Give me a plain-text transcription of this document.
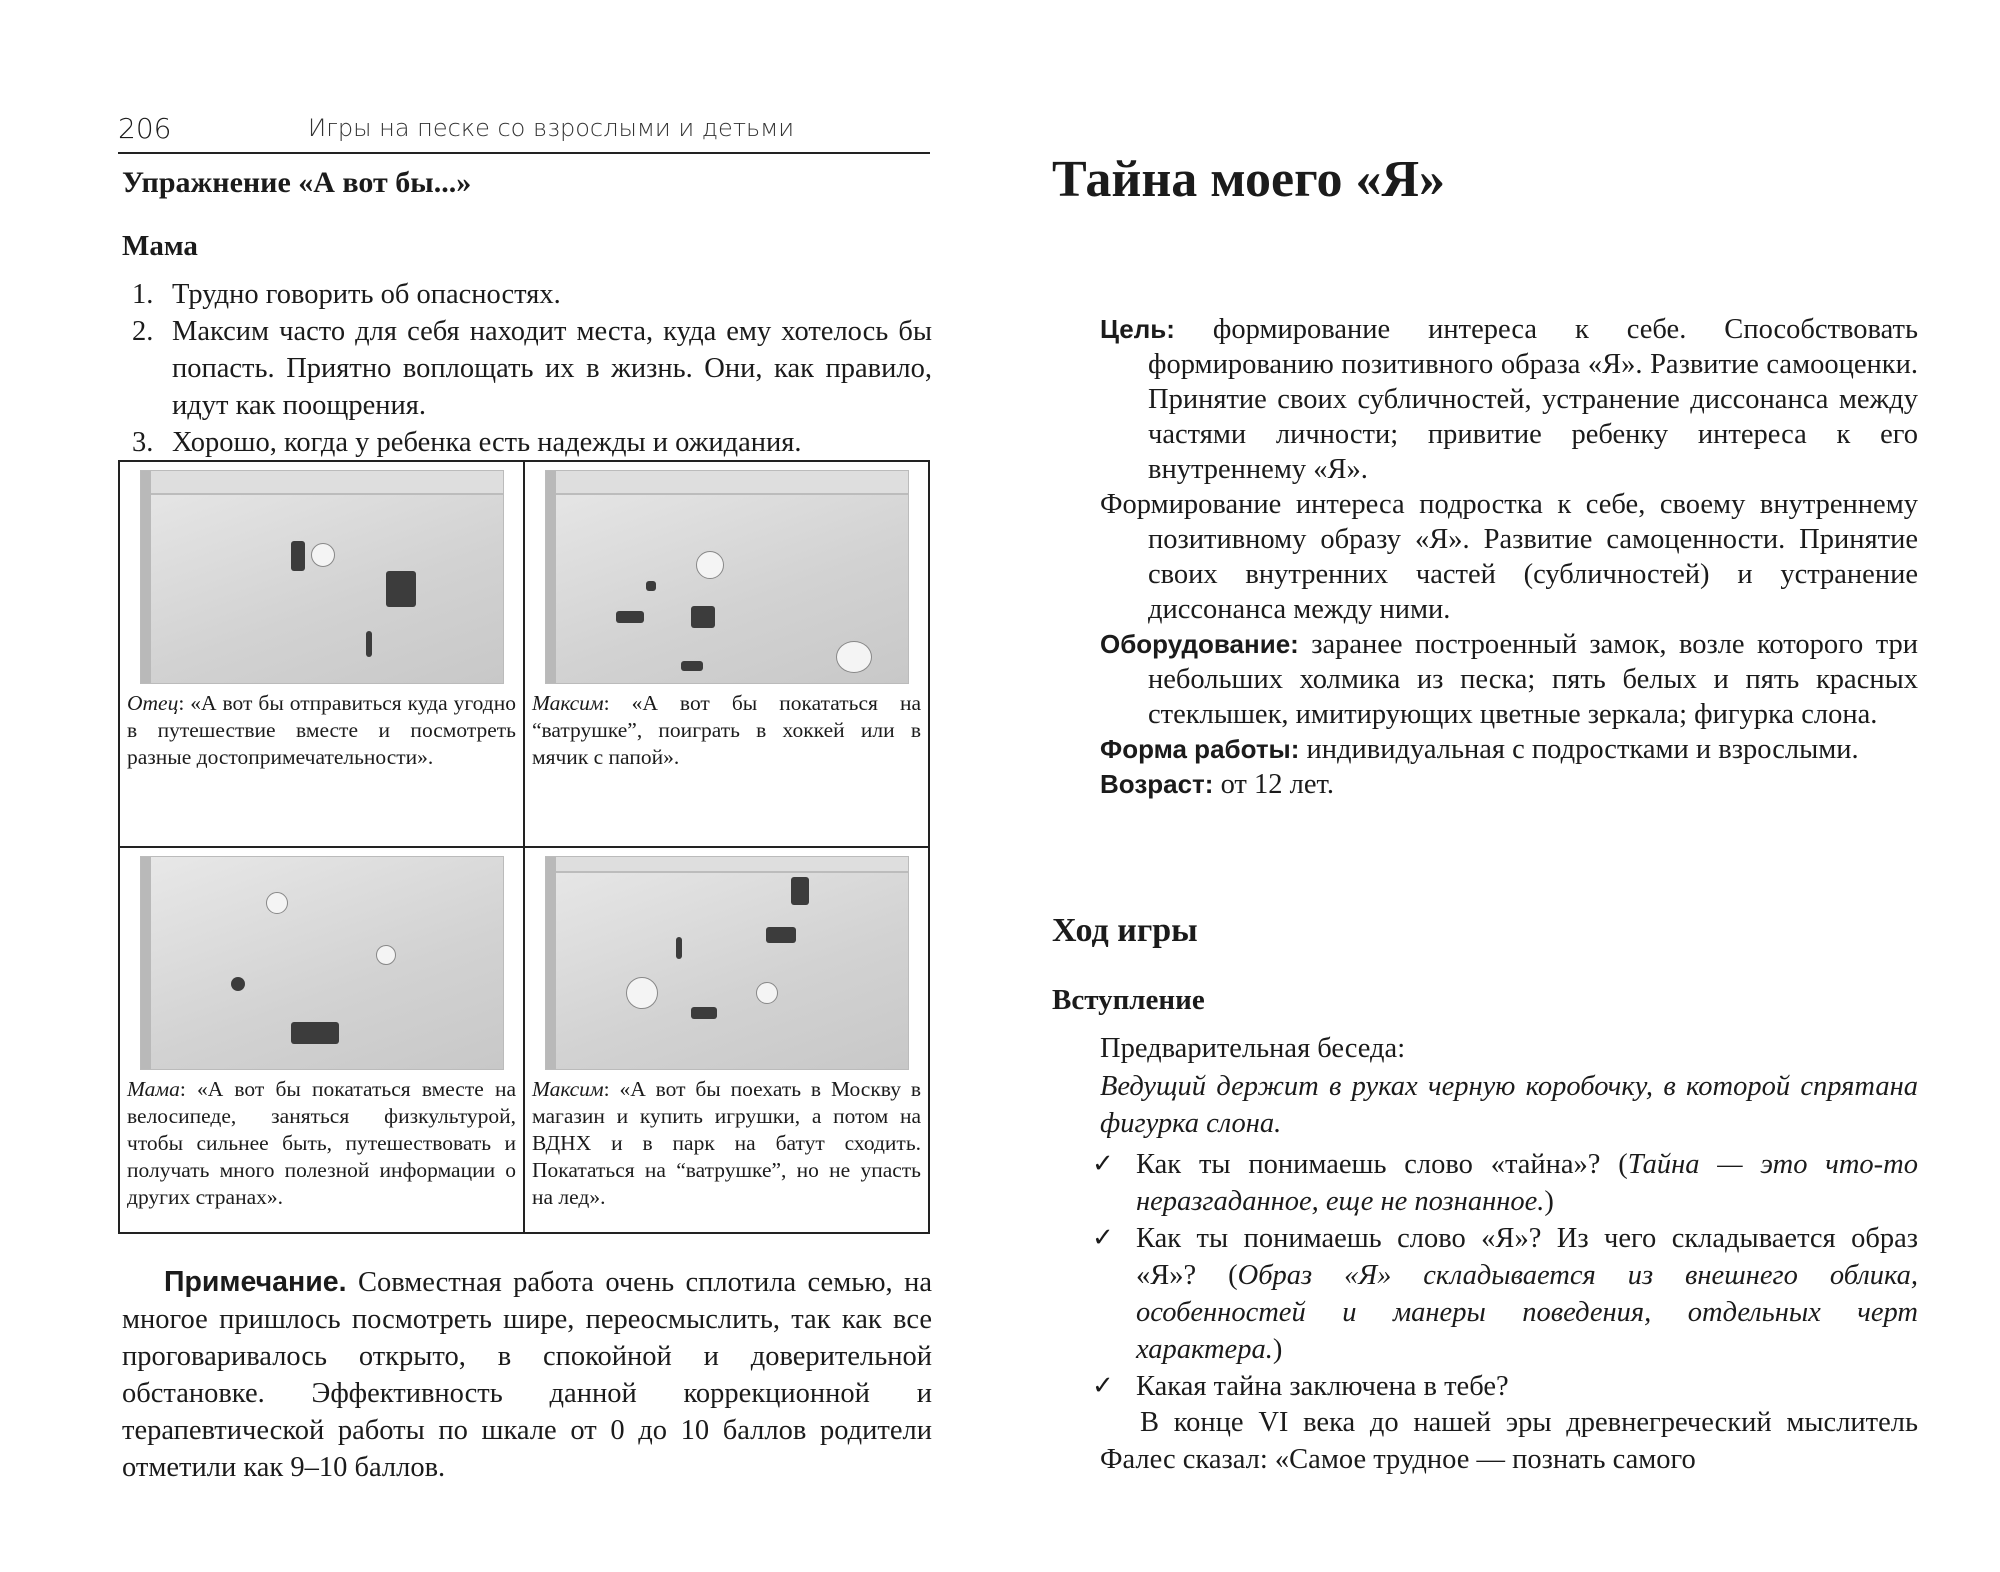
206	Игры на песке со взрослыми и детьми
Упражнение «А вот бы...»
Мама
1. Трудно говорить об опасностях.
2. Максим часто для себя находит места, куда ему хотелось бы попасть. Приятно воплощать их в жизнь. Они, как правило, идут как поощрения.
3. Хорошо, когда у ребенка есть надежды и ожидания.
Отец: «А вот бы отправиться куда угодно в путешествие вместе и посмотреть разные достопримечательности».	Максим: «А вот бы покататься на “ватрушке”, поиграть в хоккей или в мячик с папой».

Мама: «А вот бы покататься вместе на велосипеде, заняться физкультурой, чтобы сильнее быть, путешествовать и получать много полезной информации о других странах».	Максим: «А вот бы поехать в Москву в магазин и купить игрушки, а потом на ВДНХ и в парк на батут сходить. Покататься на “ватрушке”, но не упасть на лед».

Примечание. Совместная работа очень сплотила семью, на многое пришлось посмотреть шире, переосмыслить, так как все проговаривалось открыто, в спокойной и доверительной обстановке. Эффективность данной коррекционной и терапевтической работы по шкале от 0 до 10 баллов родители отметили как 9–10 баллов.

Тайна моего «Я»

Цель: формирование интереса к себе. Способствовать формированию позитивного образа «Я». Развитие самооценки. Принятие своих субличностей, устранение диссонанса между частями личности; привитие ребенку интереса к его внутреннему «Я».

Формирование интереса подростка к себе, своему внутреннему позитивному образу «Я». Развитие самоценности. Принятие своих внутренних частей (субличностей) и устранение диссонанса между ними.

Оборудование: заранее построенный замок, возле которого три небольших холмика из песка; пять белых и пять красных стеклышек, имитирующих цветные зеркала; фигурка слона.

Форма работы: индивидуальная с подростками и взрослыми.

Возраст: от 12 лет.

Ход игры
Вступление

Предварительная беседа:

Ведущий держит в руках черную коробочку, в которой спрятана фигурка слона.

✓ Как ты понимаешь слово «тайна»? (Тайна — это что-то неразгаданное, еще не познанное.)
✓ Как ты понимаешь слово «Я»? Из чего складывается образ «Я»? (Образ «Я» складывается из внешнего облика, особенностей и манеры поведения, отдельных черт характера.)
✓ Какая тайна заключена в тебе?

В конце VI века до нашей эры древнегреческий мыслитель Фалес сказал: «Самое трудное — познать самого
